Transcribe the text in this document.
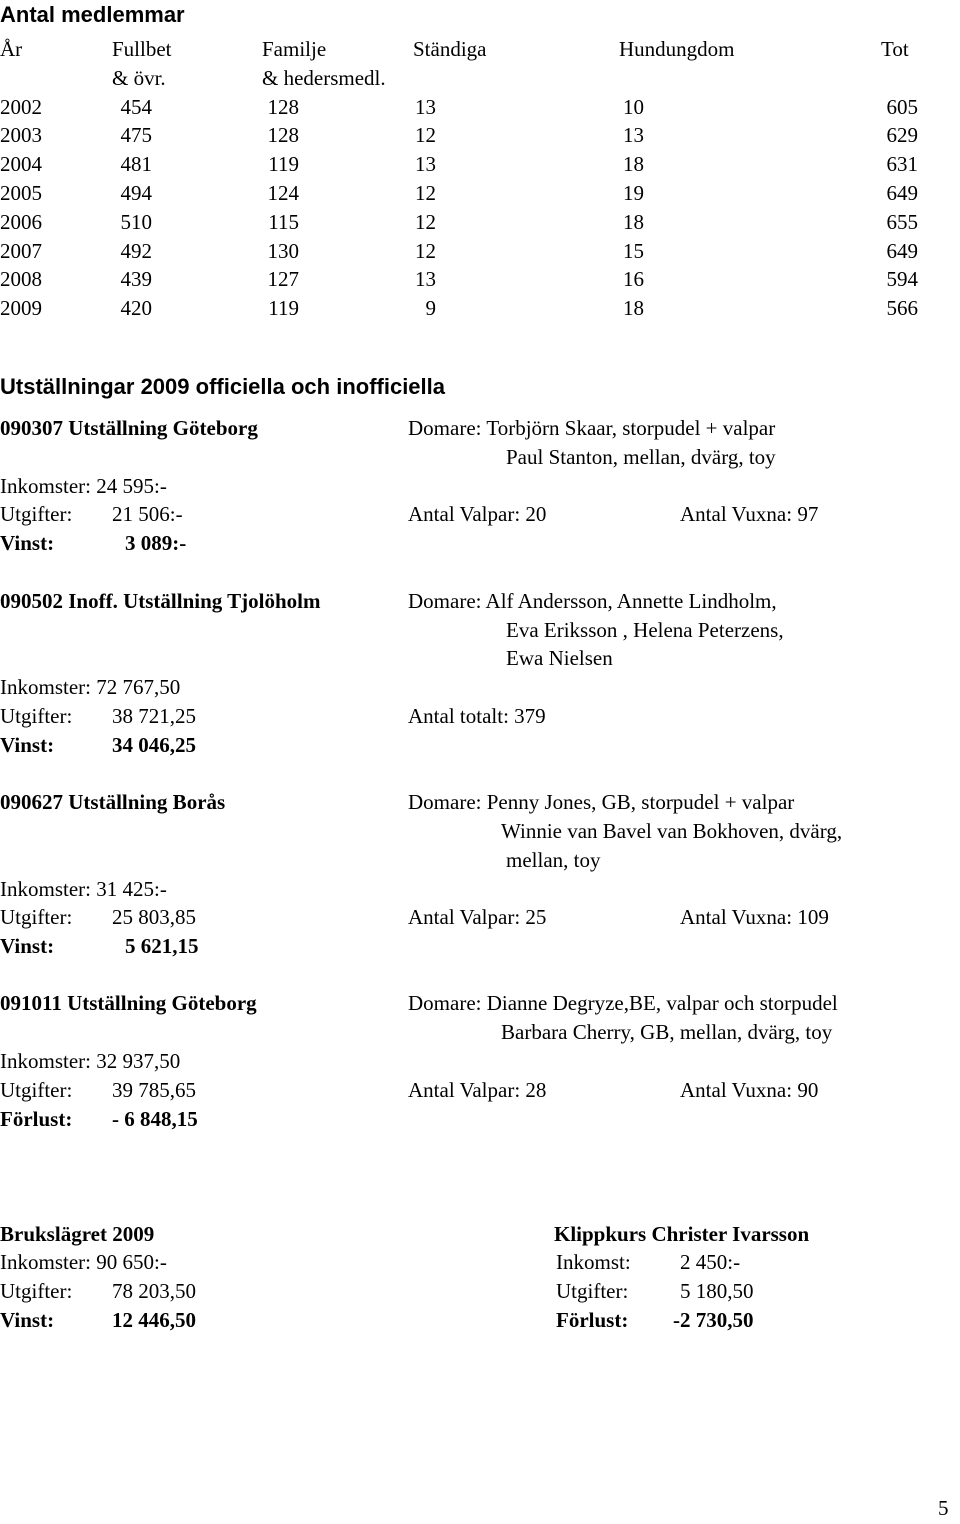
Antal medlemmar
År	Fullbet	Familje	Ständiga	Hundungdom	Tot
& övr.	& hedersmedl.
2002	454	128	13	10	605
2003	475	128	12	13	629
2004	481	119	13	18	631
2005	494	124	12	19	649
2006	510	115	12	18	655
2007	492	130	12	15	649
2008	439	127	13	16	594
2009	420	119	9	18	566
Utställningar 2009 officiella och inofficiella
090307 Utställning Göteborg	Domare: Torbjörn Skaar, storpudel + valpar
Paul Stanton, mellan, dvärg, toy
Inkomster: 24 595:-
Utgifter: 21 506:-	Antal Valpar: 20	Antal Vuxna: 97
Vinst:	3 089:-
090502 Inoff. Utställning Tjolöholm	Domare: Alf Andersson, Annette Lindholm,
Eva Eriksson , Helena Peterzens,
Ewa Nielsen
Inkomster: 72 767,50
Utgifter: 38 721,25	Antal totalt: 379
Vinst:	34 046,25
090627 Utställning Borås	Domare: Penny Jones, GB, storpudel + valpar
Winnie van Bavel van Bokhoven, dvärg,
mellan, toy
Inkomster: 31 425:-
Utgifter: 25 803,85	Antal Valpar: 25	Antal Vuxna: 109
Vinst:	5 621,15
091011 Utställning Göteborg	Domare: Dianne Degryze,BE, valpar och storpudel
Barbara Cherry, GB, mellan, dvärg, toy
Inkomster: 32 937,50
Utgifter: 39 785,65	Antal Valpar: 28	Antal Vuxna: 90
Förlust: - 6 848,15
Brukslägret 2009
Inkomster: 90 650:-
Utgifter: 78 203,50
Vinst:	12 446,50
Klippkurs Christer Ivarsson
Inkomst: 2 450:-
Utgifter: 5 180,50
Förlust: -2 730,50
5
